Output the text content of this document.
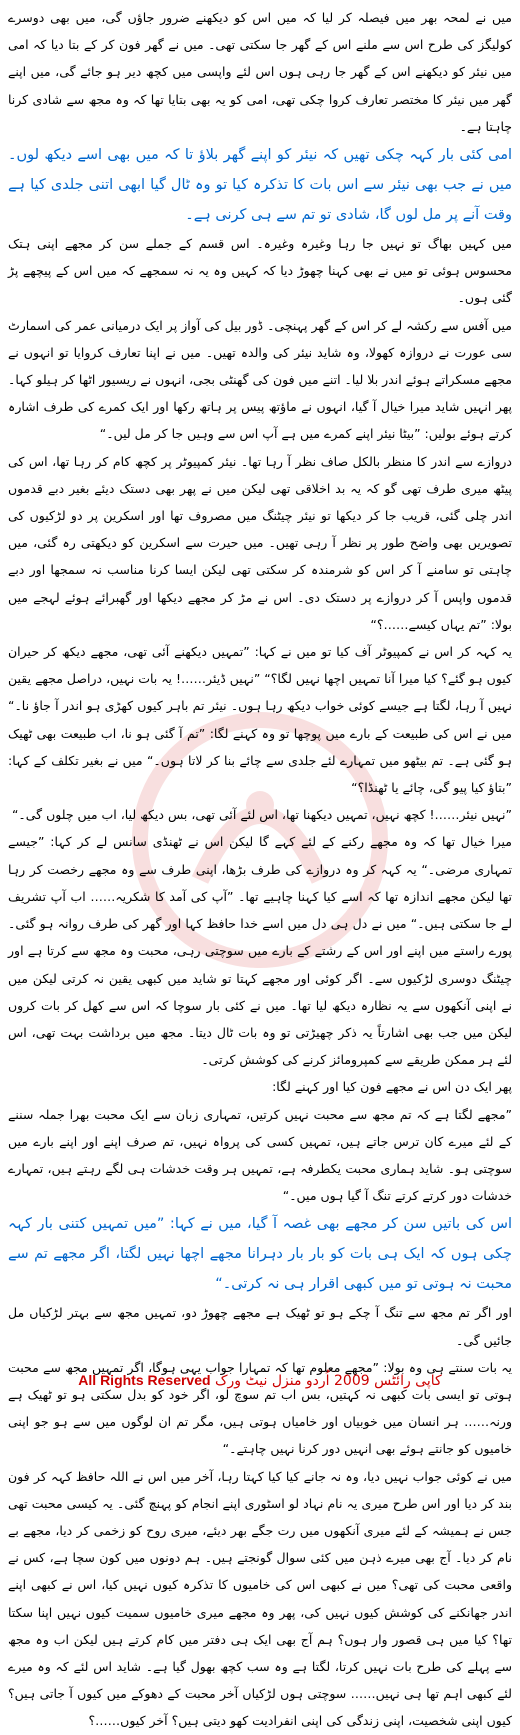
میں نے لمحہ بھر میں فیصلہ کر لیا کہ میں اس کو دیکھنے ضرور جاؤں گی، میں بھی دوسرے کولیگز کی طرح اس سے ملنے اس کے گھر جا سکتی تھی۔ میں نے گھر فون کر کے بتا دیا کہ امی میں نیئر کو دیکھنے اس کے گھر جا رہی ہوں اس لئے واپسی میں کچھ دیر ہو جائے گی، میں اپنے گھر میں نیئر کا مختصر تعارف کروا چکی تھی، امی کو یہ بھی بتایا تھا کہ وہ مجھ سے شادی کرنا چاہتا ہے۔

امی کئی بار کہہ چکی تھیں کہ نیئر کو اپنے گھر بلاؤ تا کہ میں بھی اسے دیکھ لوں۔ میں نے جب بھی نیئر سے اس بات کا تذکرہ کیا تو وہ ٹال گیا ابھی اتنی جلدی کیا ہے وقت آنے پر مل لوں گا، شادی تو تم سے ہی کرنی ہے۔

میں کہیں بھاگ تو نہیں جا رہا وغیرہ وغیرہ۔ اس قسم کے جملے سن کر مجھے اپنی ہتک محسوس ہوئی تو میں نے بھی کہنا چھوڑ دیا کہ کہیں وہ یہ نہ سمجھے کہ میں اس کے پیچھے پڑ گئی ہوں۔

میں آفس سے رکشہ لے کر اس کے گھر پہنچی۔ ڈور بیل کی آواز پر ایک درمیانی عمر کی اسمارٹ سی عورت نے دروازہ کھولا، وہ شاید نیئر کی والدہ تھیں۔ میں نے اپنا تعارف کروایا تو انہوں نے مجھے مسکراتے ہوئے اندر بلا لیا۔ اتنے میں فون کی گھنٹی بجی، انہوں نے ریسیور اٹھا کر ہیلو کہا۔ پھر انہیں شاید میرا خیال آ گیا، انہوں نے ماؤتھ پیس پر ہاتھ رکھا اور ایک کمرے کی طرف اشارہ کرتے ہوئے بولیں: ”بیٹا نیئر اپنے کمرے میں ہے آپ اس سے وہیں جا کر مل لیں۔“

دروازے سے اندر کا منظر بالکل صاف نظر آ رہا تھا۔ نیئر کمپیوٹر پر کچھ کام کر رہا تھا، اس کی پیٹھ میری طرف تھی گو کہ یہ بد اخلاقی تھی لیکن میں نے پھر بھی دستک دیئے بغیر دبے قدموں اندر چلی گئی، قریب جا کر دیکھا تو نیئر چیٹنگ میں مصروف تھا اور اسکرین پر دو لڑکیوں کی تصویریں بھی واضح طور پر نظر آ رہی تھیں۔ میں حیرت سے اسکرین کو دیکھتی رہ گئی، میں چاہتی تو سامنے آ کر اس کو شرمندہ کر سکتی تھی لیکن ایسا کرنا مناسب نہ سمجھا اور دبے قدموں واپس آ کر دروازے پر دستک دی۔ اس نے مڑ کر مجھے دیکھا اور گھبرائے ہوئے لہجے میں بولا: ”تم یہاں کیسے……؟“

یہ کہہ کر اس نے کمپیوٹر آف کیا تو میں نے کہا: ”تمہیں دیکھنے آئی تھی، مجھے دیکھ کر حیران کیوں ہو گئے؟ کیا میرا آنا تمہیں اچھا نہیں لگا؟“ ”نہیں ڈیئر……! یہ بات نہیں، دراصل مجھے یقین نہیں آ رہا، لگتا ہے جیسے کوئی خواب دیکھ رہا ہوں۔ نیئر تم باہر کیوں کھڑی ہو اندر آ جاؤ نا۔“ میں نے اس کی طبیعت کے بارے میں پوچھا تو وہ کہنے لگا: ”تم آ گئی ہو نا، اب طبیعت بھی ٹھیک ہو گئی ہے۔ تم بیٹھو میں تمہارے لئے جلدی سے چائے بنا کر لاتا ہوں۔“ میں نے بغیر تکلف کے کہا: ”بتاؤ کیا پیو گی، چائے یا ٹھنڈا؟“

”نہیں نیئر……! کچھ نہیں، تمہیں دیکھنا تھا، اس لئے آئی تھی، بس دیکھ لیا، اب میں چلوں گی۔“

میرا خیال تھا کہ وہ مجھے رکنے کے لئے کہے گا لیکن اس نے ٹھنڈی سانس لے کر کہا: ”جیسے تمہاری مرضی۔“ یہ کہہ کر وہ دروازے کی طرف بڑھا، اپنی طرف سے وہ مجھے رخصت کر رہا تھا لیکن مجھے اندازہ تھا کہ اسے کیا کہنا چاہیے تھا۔ ”آپ کی آمد کا شکریہ…… اب آپ تشریف لے جا سکتی ہیں۔“ میں نے دل ہی دل میں اسے خدا حافظ کہا اور گھر کی طرف روانہ ہو گئی۔ پورے راستے میں اپنے اور اس کے رشتے کے بارے میں سوچتی رہی، محبت وہ مجھ سے کرتا ہے اور چیٹنگ دوسری لڑکیوں سے۔ اگر کوئی اور مجھے کہتا تو شاید میں کبھی یقین نہ کرتی لیکن میں نے اپنی آنکھوں سے یہ نظارہ دیکھ لیا تھا۔ میں نے کئی بار سوچا کہ اس سے کھل کر بات کروں لیکن میں جب بھی اشارتاً یہ ذکر چھیڑتی تو وہ بات ٹال دیتا۔ مجھ میں برداشت بہت تھی، اس لئے ہر ممکن طریقے سے کمپرومائز کرنے کی کوشش کرتی۔

پھر ایک دن اس نے مجھے فون کیا اور کہنے لگا:

”مجھے لگتا ہے کہ تم مجھ سے محبت نہیں کرتیں، تمہاری زبان سے ایک محبت بھرا جملہ سننے کے لئے میرے کان ترس جاتے ہیں، تمہیں کسی کی پرواہ نہیں، تم صرف اپنے اور اپنے بارے میں سوچتی ہو۔ شاید ہماری محبت یکطرفہ ہے، تمہیں ہر وقت خدشات ہی لگے رہتے ہیں، تمہارے خدشات دور کرتے کرتے تنگ آ گیا ہوں میں۔“

اس کی باتیں سن کر مجھے بھی غصہ آ گیا، میں نے کہا: ”میں تمہیں کتنی بار کہہ چکی ہوں کہ ایک ہی بات کو بار بار دہرانا مجھے اچھا نہیں لگتا، اگر مجھے تم سے محبت نہ ہوتی تو میں کبھی اقرار ہی نہ کرتی۔“

اور اگر تم مجھ سے تنگ آ چکے ہو تو ٹھیک ہے مجھے چھوڑ دو، تمہیں مجھ سے بہتر لڑکیاں مل جائیں گی۔

یہ بات سنتے ہی وہ بولا: ”مجھے معلوم تھا کہ تمہارا جواب یہی ہوگا، اگر تمہیں مجھ سے محبت ہوتی تو ایسی بات کبھی نہ کہتیں، بس اب تم سوچ لو، اگر خود کو بدل سکتی ہو تو ٹھیک ہے ورنہ…… ہر انسان میں خوبیاں اور خامیاں ہوتی ہیں، مگر تم ان لوگوں میں سے ہو جو اپنی خامیوں کو جانتے ہوئے بھی انہیں دور کرنا نہیں چاہتے۔“

میں نے کوئی جواب نہیں دیا، وہ نہ جانے کیا کیا کہتا رہا، آخر میں اس نے اللہ حافظ کہہ کر فون بند کر دیا اور اس طرح میری یہ نام نہاد لو اسٹوری اپنے انجام کو پہنچ گئی۔ یہ کیسی محبت تھی جس نے ہمیشہ کے لئے میری آنکھوں میں رت جگے بھر دیئے، میری روح کو زخمی کر دیا، مجھے بے نام کر دیا۔ آج بھی میرے ذہن میں کئی سوال گونجتے ہیں۔ ہم دونوں میں کون سچا ہے، کس نے واقعی محبت کی تھی؟ میں نے کبھی اس کی خامیوں کا تذکرہ کیوں نہیں کیا، اس نے کبھی اپنے اندر جھانکنے کی کوشش کیوں نہیں کی، پھر وہ مجھے میری خامیوں سمیت کیوں نہیں اپنا سکتا تھا؟ کیا میں ہی قصور وار ہوں؟ ہم آج بھی ایک ہی دفتر میں کام کرتے ہیں لیکن اب وہ مجھ سے پہلے کی طرح بات نہیں کرتا، لگتا ہے وہ سب کچھ بھول گیا ہے۔ شاید اس لئے کہ وہ میرے لئے کبھی اہم تھا ہی نہیں…… سوچتی ہوں لڑکیاں آخر محبت کے دھوکے میں کیوں آ جاتی ہیں؟ کیوں اپنی شخصیت، اپنی زندگی کی اپنی انفرادیت کھو دیتی ہیں؟ آخر کیوں……؟

All Rights Reserved کاپی رائٹس 2009 اُردو منزل نیٹ ورک
